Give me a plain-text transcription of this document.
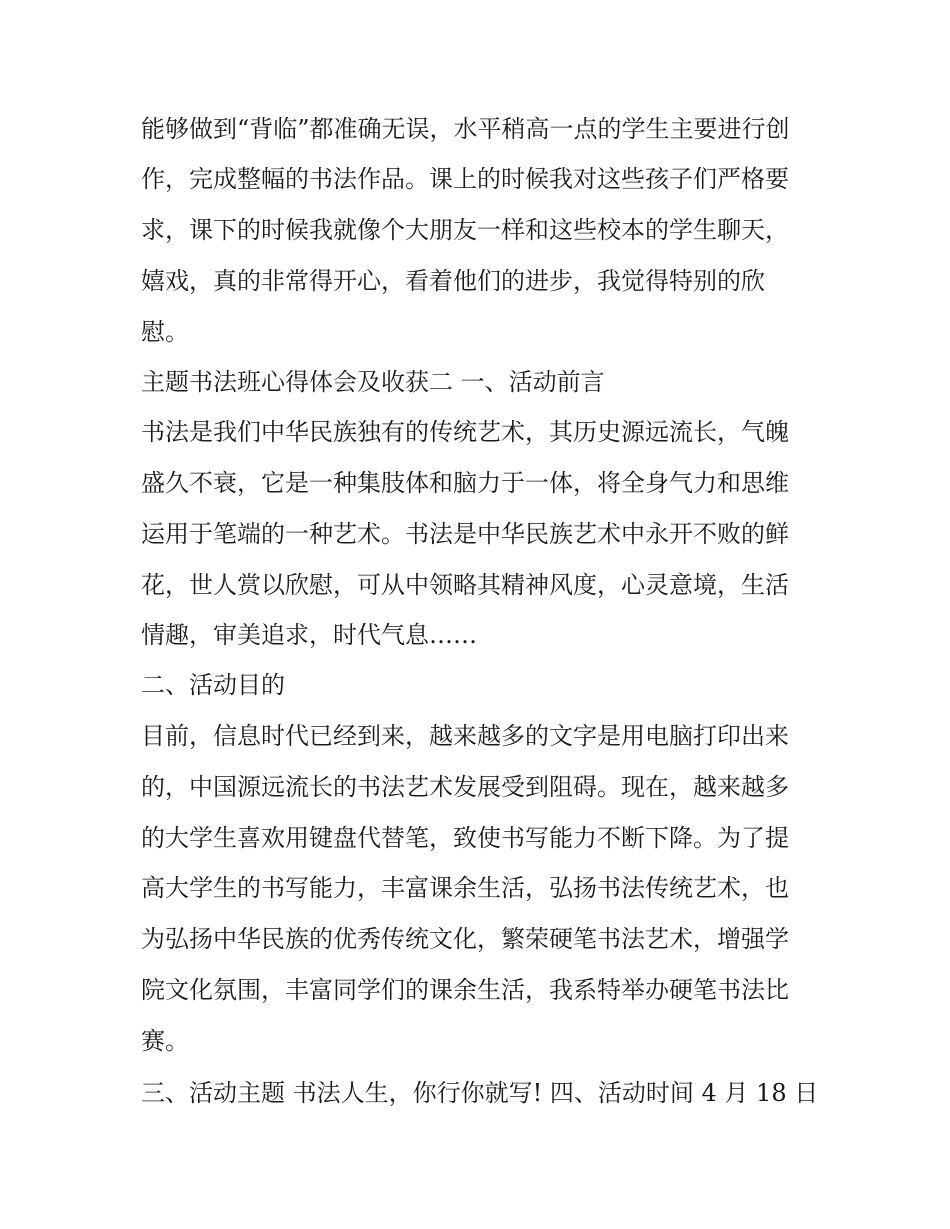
能够做到“背临”都准确无误，水平稍高一点的学生主要进行创

作，完成整幅的书法作品。课上的时候我对这些孩子们严格要

求，课下的时候我就像个大朋友一样和这些校本的学生聊天，

嬉戏，真的非常得开心，看着他们的进步，我觉得特别的欣

慰。

主题书法班心得体会及收获二 一、活动前言

书法是我们中华民族独有的传统艺术，其历史源远流长，气魄

盛久不衰，它是一种集肢体和脑力于一体，将全身气力和思维

运用于笔端的一种艺术。书法是中华民族艺术中永开不败的鲜

花，世人赏以欣慰，可从中领略其精神风度，心灵意境，生活

情趣，审美追求，时代气息……

二、活动目的

目前，信息时代已经到来，越来越多的文字是用电脑打印出来

的，中国源远流长的书法艺术发展受到阻碍。现在，越来越多

的大学生喜欢用键盘代替笔，致使书写能力不断下降。为了提

高大学生的书写能力，丰富课余生活，弘扬书法传统艺术，也

为弘扬中华民族的优秀传统文化，繁荣硬笔书法艺术，增强学

院文化氛围，丰富同学们的课余生活，我系特举办硬笔书法比

赛。

三、活动主题 书法人生，你行你就写! 四、活动时间 4 月 18 日
